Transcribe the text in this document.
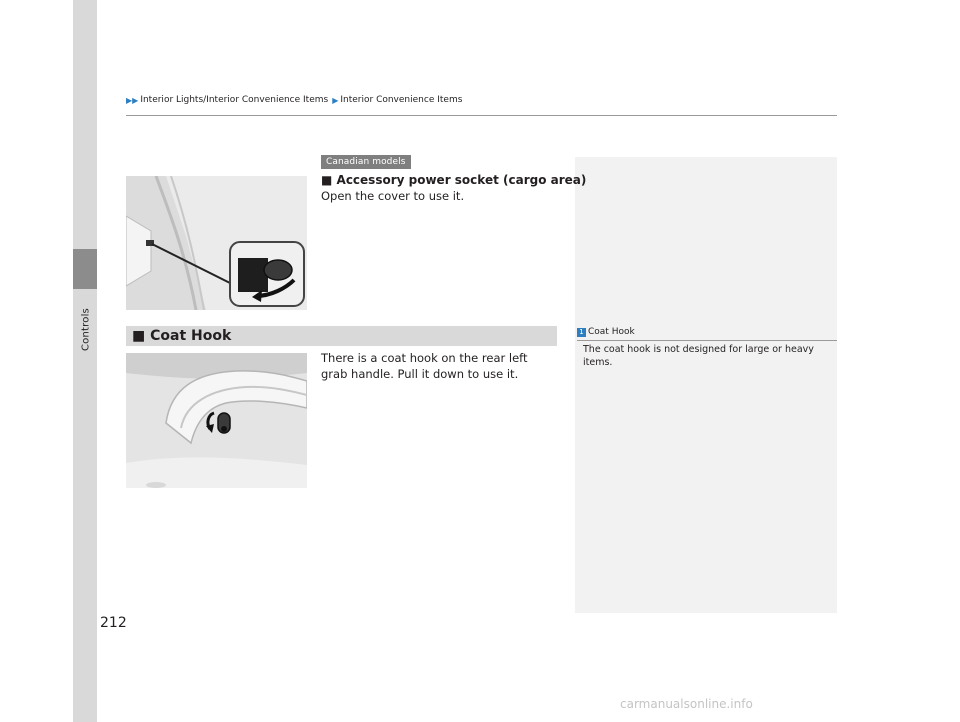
Controls
▶▶ Interior Lights/Interior Convenience Items ▶ Interior Convenience Items
Canadian models
■ Accessory power socket (cargo area)
Open the cover to use it.
■ Coat Hook	1 Coat Hook
The coat hook is not designed for large or heavy items.
There is a coat hook on the rear left grab handle. Pull it down to use it.
212
carmanualsonline.info
